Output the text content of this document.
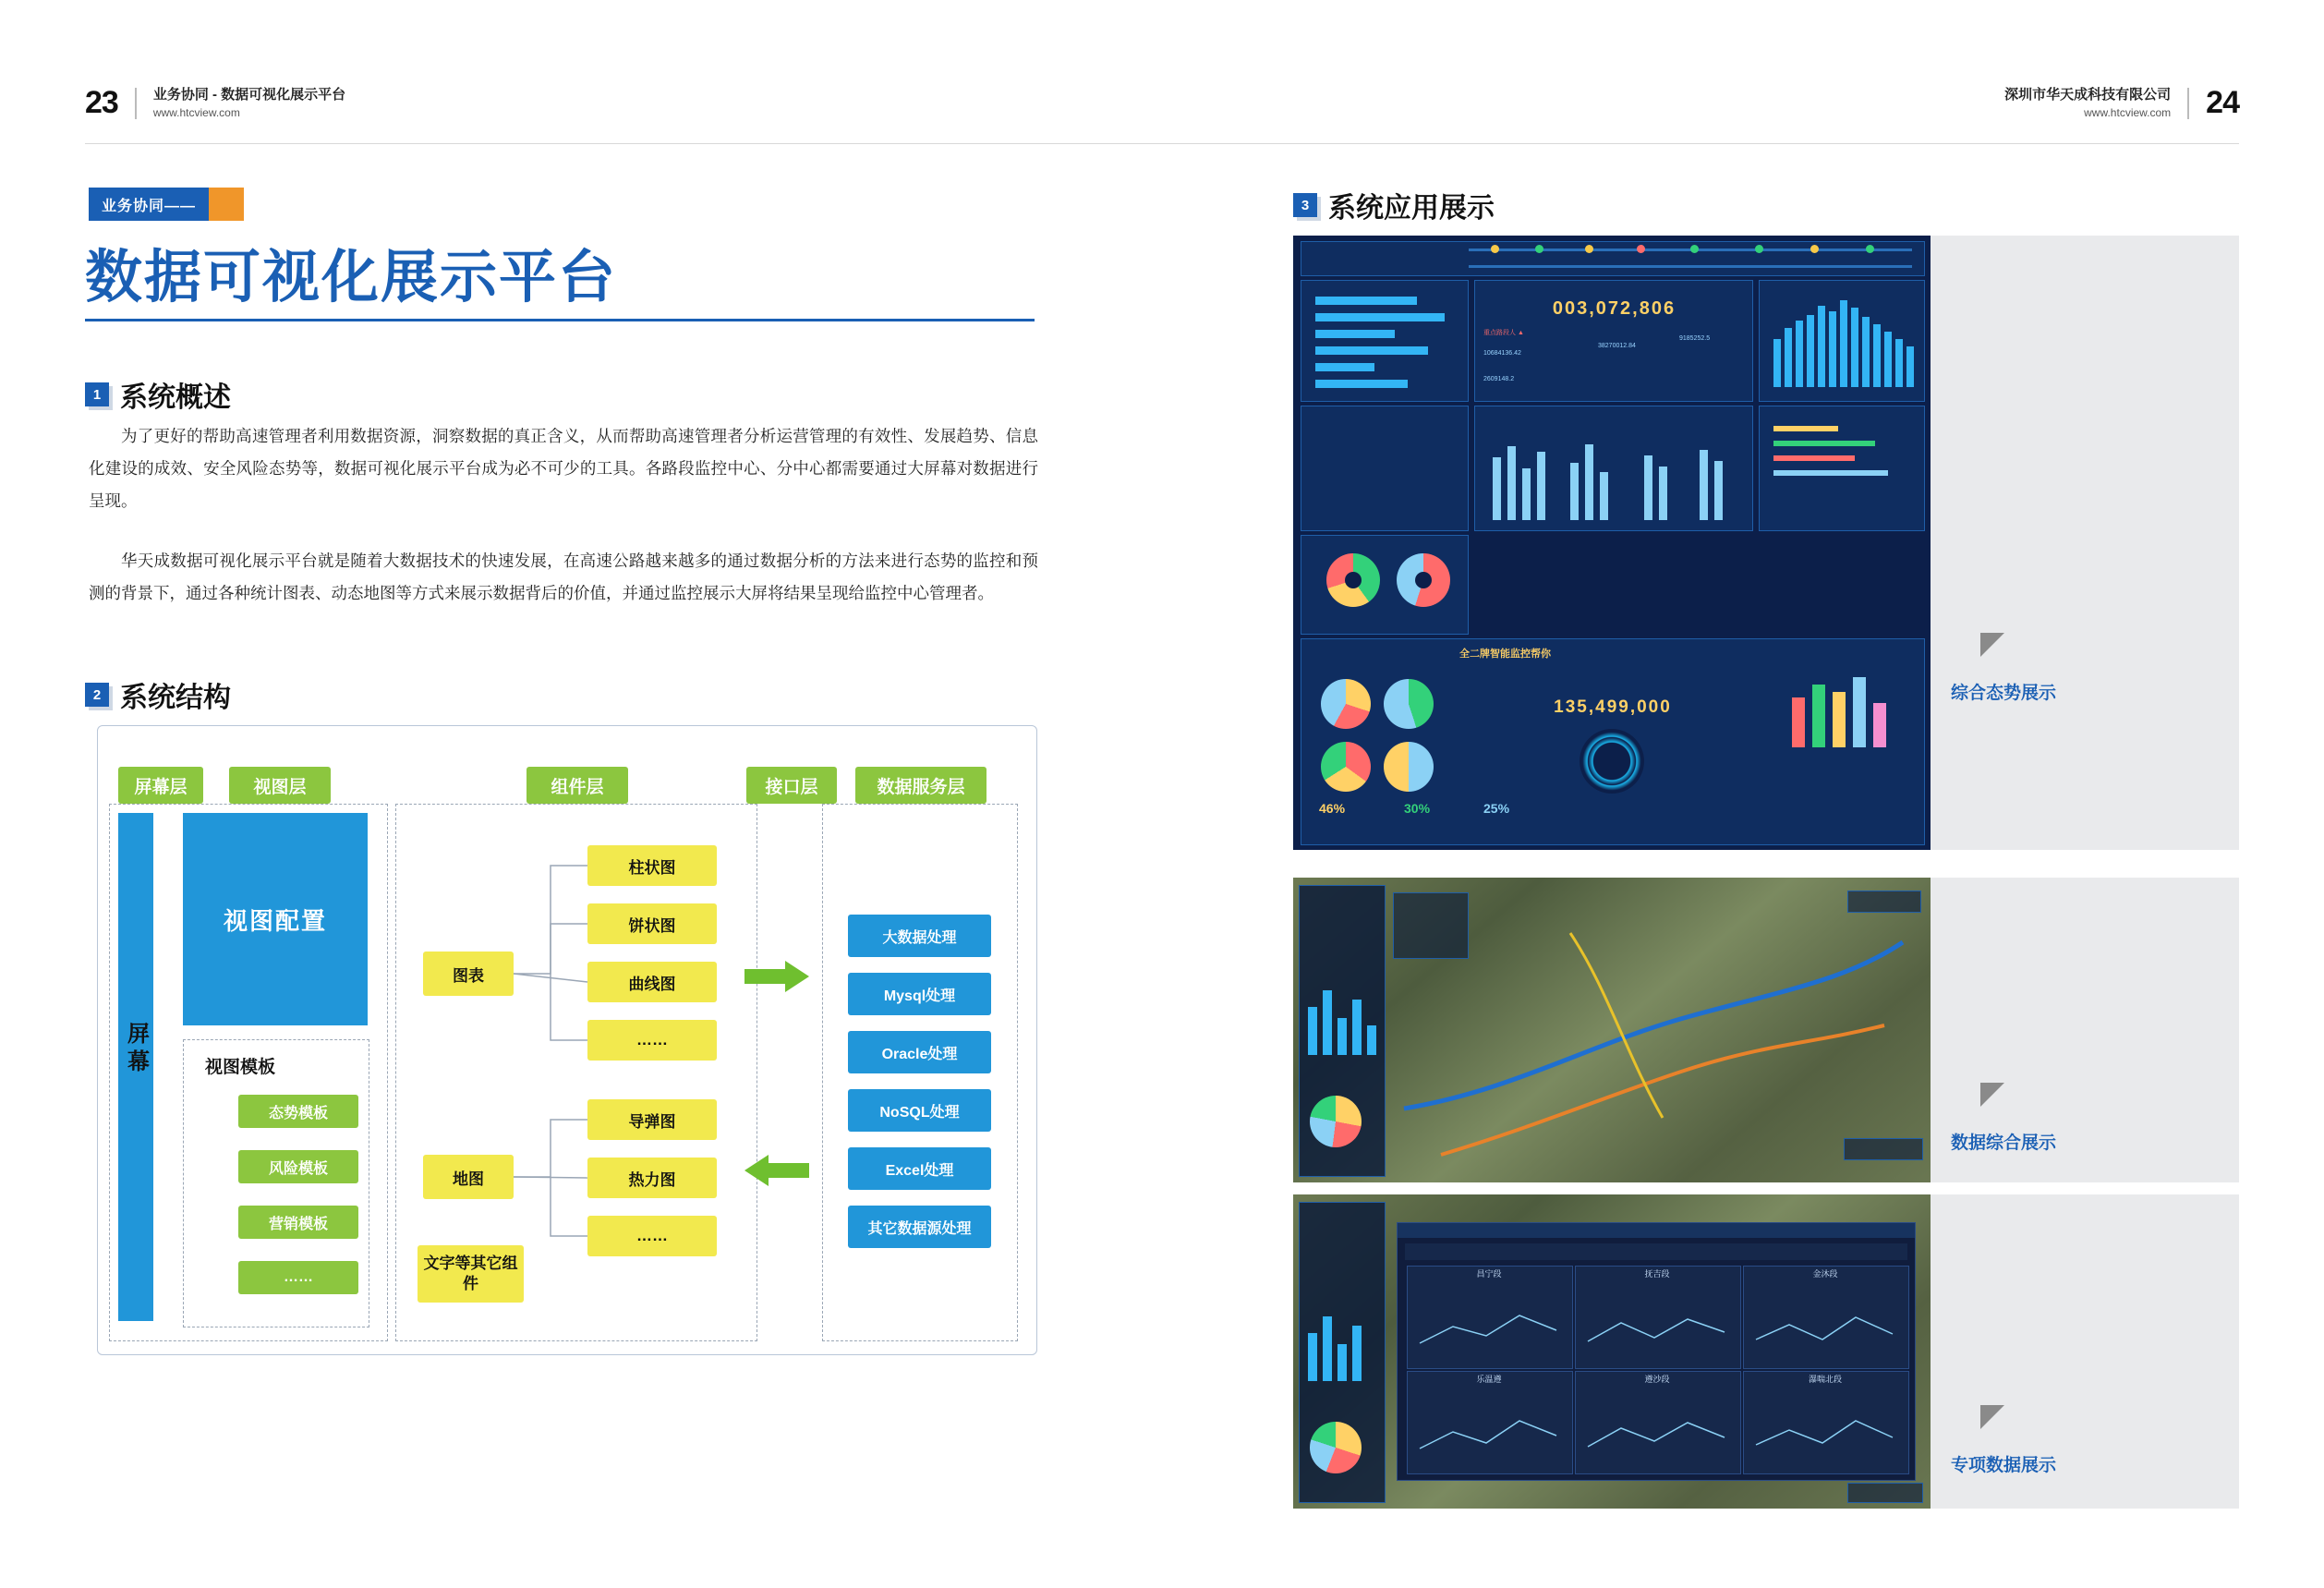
23	业务协同 - 数据可视化展示平台
www.htcview.com
深圳市华天成科技有限公司
www.htcview.com 24
业务协同——
数据可视化展示平台
1 系统概述
为了更好的帮助高速管理者利用数据资源，洞察数据的真正含义，从而帮助高速管理者分析运营管理的有效性、发展趋势、信息化建设的成效、安全风险态势等，数据可视化展示平台成为必不可少的工具。各路段监控中心、分中心都需要通过大屏幕对数据进行呈现。
华天成数据可视化展示平台就是随着大数据技术的快速发展，在高速公路越来越多的通过数据分析的方法来进行态势的监控和预测的背景下，通过各种统计图表、动态地图等方式来展示数据背后的价值，并通过监控展示大屏将结果呈现给监控中心管理者。
2 系统结构
屏幕层	视图层	组件层	接口层	数据服务层
屏幕
视图配置
视图模板
态势模板
风险模板
营销模板
……
图表
柱状图
饼状图
曲线图
……
地图
导弹图
热力图
……
文字等其它组件
大数据处理
Mysql处理
Oracle处理
NoSQL处理
Excel处理
其它数据源处理
3 系统应用展示
003,072,806
重点路段人 ▲
10684136.42
38270012.84
9185252.5
2609148.2
全二牌智能监控帮你
135,499,000
46%	30%	25%
综合态势展示
数据综合展示
昌宁段	抚吉段	金沐段
乐温遵	遵沙段	瀑喘北段
专项数据展示
